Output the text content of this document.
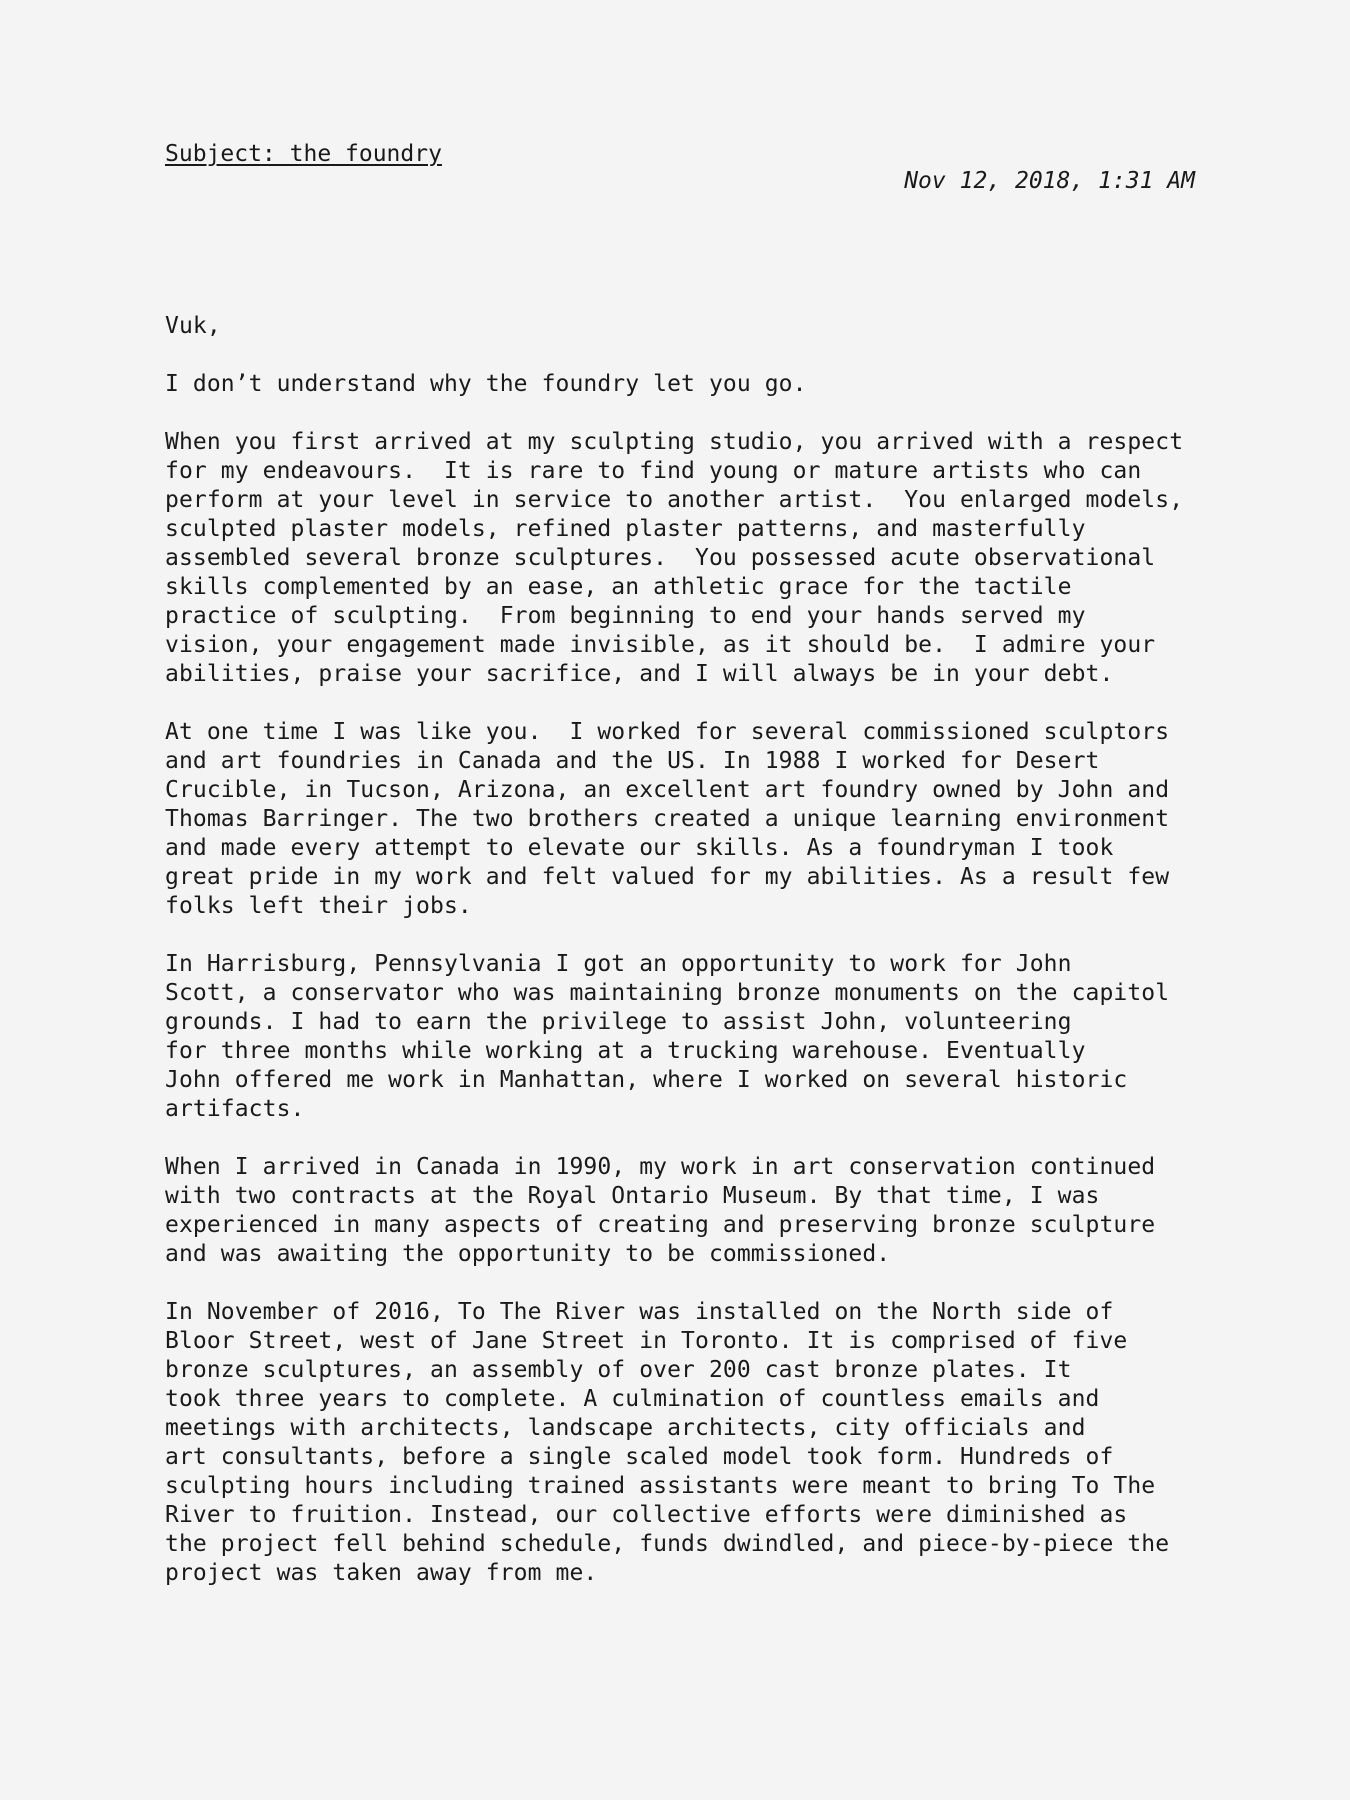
Subject: the foundry
Nov 12, 2018, 1:31 AM

Vuk,

I don’t understand why the foundry let you go.

When you first arrived at my sculpting studio, you arrived with a respect
for my endeavours.  It is rare to find young or mature artists who can
perform at your level in service to another artist.  You enlarged models,
sculpted plaster models, refined plaster patterns, and masterfully
assembled several bronze sculptures.  You possessed acute observational
skills complemented by an ease, an athletic grace for the tactile
practice of sculpting.  From beginning to end your hands served my
vision, your engagement made invisible, as it should be.  I admire your
abilities, praise your sacrifice, and I will always be in your debt.

At one time I was like you.  I worked for several commissioned sculptors
and art foundries in Canada and the US. In 1988 I worked for Desert
Crucible, in Tucson, Arizona, an excellent art foundry owned by John and
Thomas Barringer. The two brothers created a unique learning environment
and made every attempt to elevate our skills. As a foundryman I took
great pride in my work and felt valued for my abilities. As a result few
folks left their jobs.

In Harrisburg, Pennsylvania I got an opportunity to work for John
Scott, a conservator who was maintaining bronze monuments on the capitol
grounds. I had to earn the privilege to assist John, volunteering
for three months while working at a trucking warehouse. Eventually
John offered me work in Manhattan, where I worked on several historic
artifacts.

When I arrived in Canada in 1990, my work in art conservation continued
with two contracts at the Royal Ontario Museum. By that time, I was
experienced in many aspects of creating and preserving bronze sculpture
and was awaiting the opportunity to be commissioned.

In November of 2016, To The River was installed on the North side of
Bloor Street, west of Jane Street in Toronto. It is comprised of five
bronze sculptures, an assembly of over 200 cast bronze plates. It
took three years to complete. A culmination of countless emails and
meetings with architects, landscape architects, city officials and
art consultants, before a single scaled model took form. Hundreds of
sculpting hours including trained assistants were meant to bring To The
River to fruition. Instead, our collective efforts were diminished as
the project fell behind schedule, funds dwindled, and piece-by-piece the
project was taken away from me.
